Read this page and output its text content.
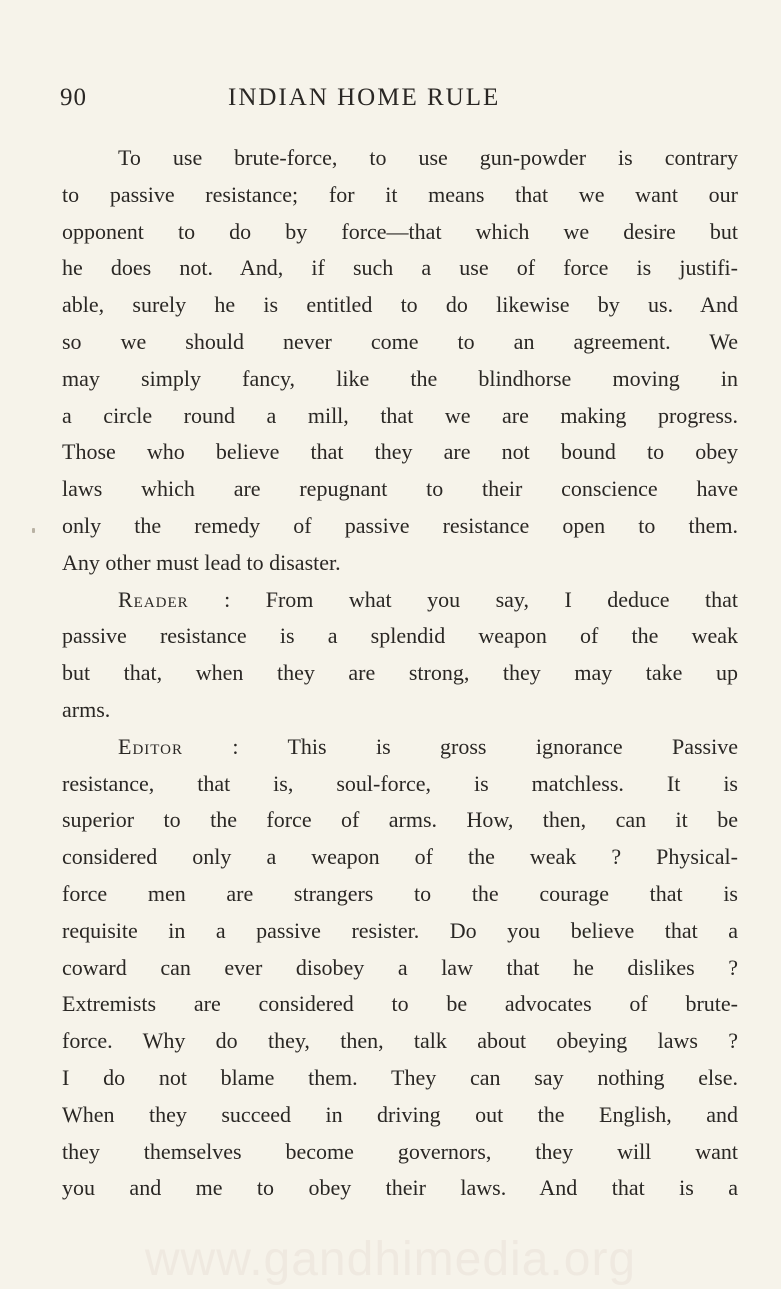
90	INDIAN HOME RULE
To use brute-force, to use gun-powder is contrary
to passive resistance; for it means that we want our
opponent to do by force—that which we desire but
he does not. And, if such a use of force is justifi-
able, surely he is entitled to do likewise by us. And
so we should never come to an agreement. We
may simply fancy, like the blindhorse moving in
a circle round a mill, that we are making progress.
Those who believe that they are not bound to obey
laws which are repugnant to their conscience have
only the remedy of passive resistance open to them.
Any other must lead to disaster.
Reader : From what you say, I deduce that
passive resistance is a splendid weapon of the weak
but that, when they are strong, they may take up
arms.
Editor : This is gross ignorance Passive
resistance, that is, soul-force, is matchless. It is
superior to the force of arms. How, then, can it be
considered only a weapon of the weak ? Physical-
force men are strangers to the courage that is
requisite in a passive resister. Do you believe that a
coward can ever disobey a law that he dislikes ?
Extremists are considered to be advocates of brute-
force. Why do they, then, talk about obeying laws ?
I do not blame them. They can say nothing else.
When they succeed in driving out the English, and
they themselves become governors, they will want
you and me to obey their laws. And that is a
www.gandhimedia.org
